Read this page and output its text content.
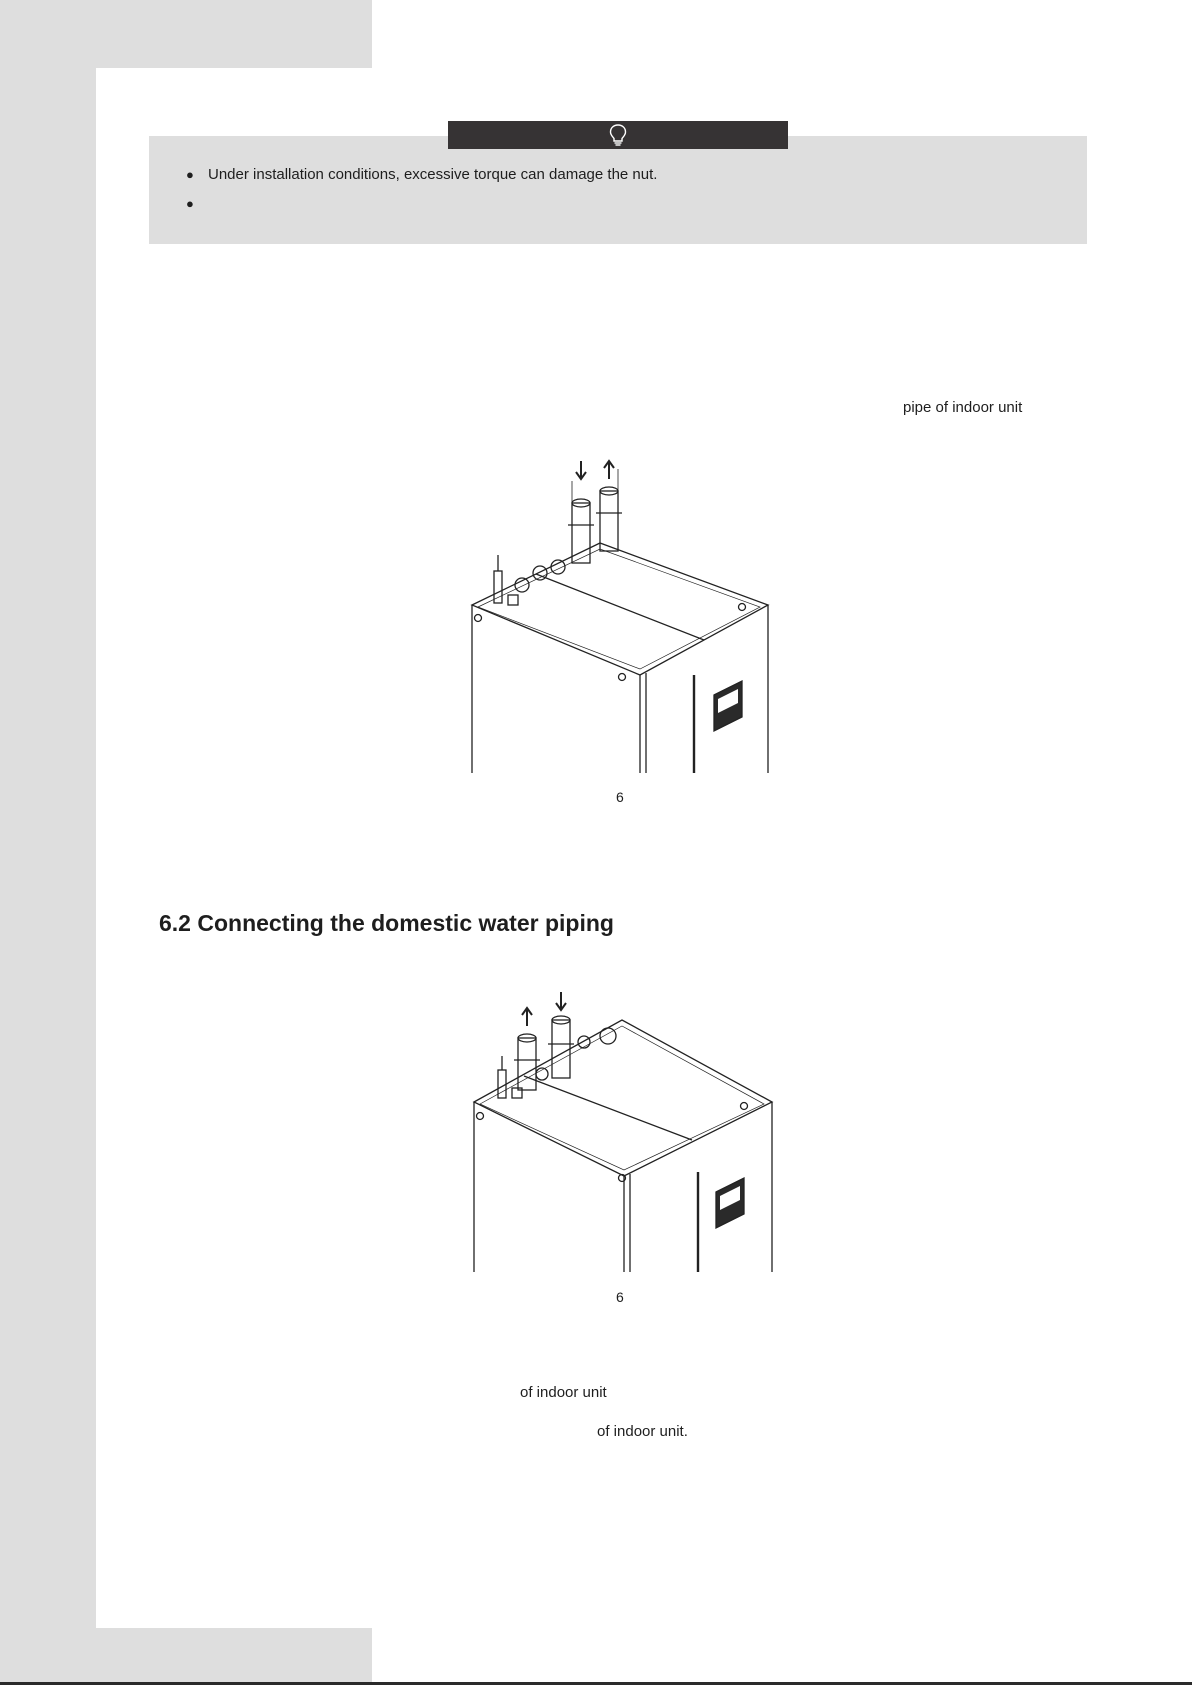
● Under installation conditions, excessive torque can damage the nut.
●
pipe of indoor unit
6
6.2 Connecting the domestic water piping
6
of indoor unit
of indoor unit.
